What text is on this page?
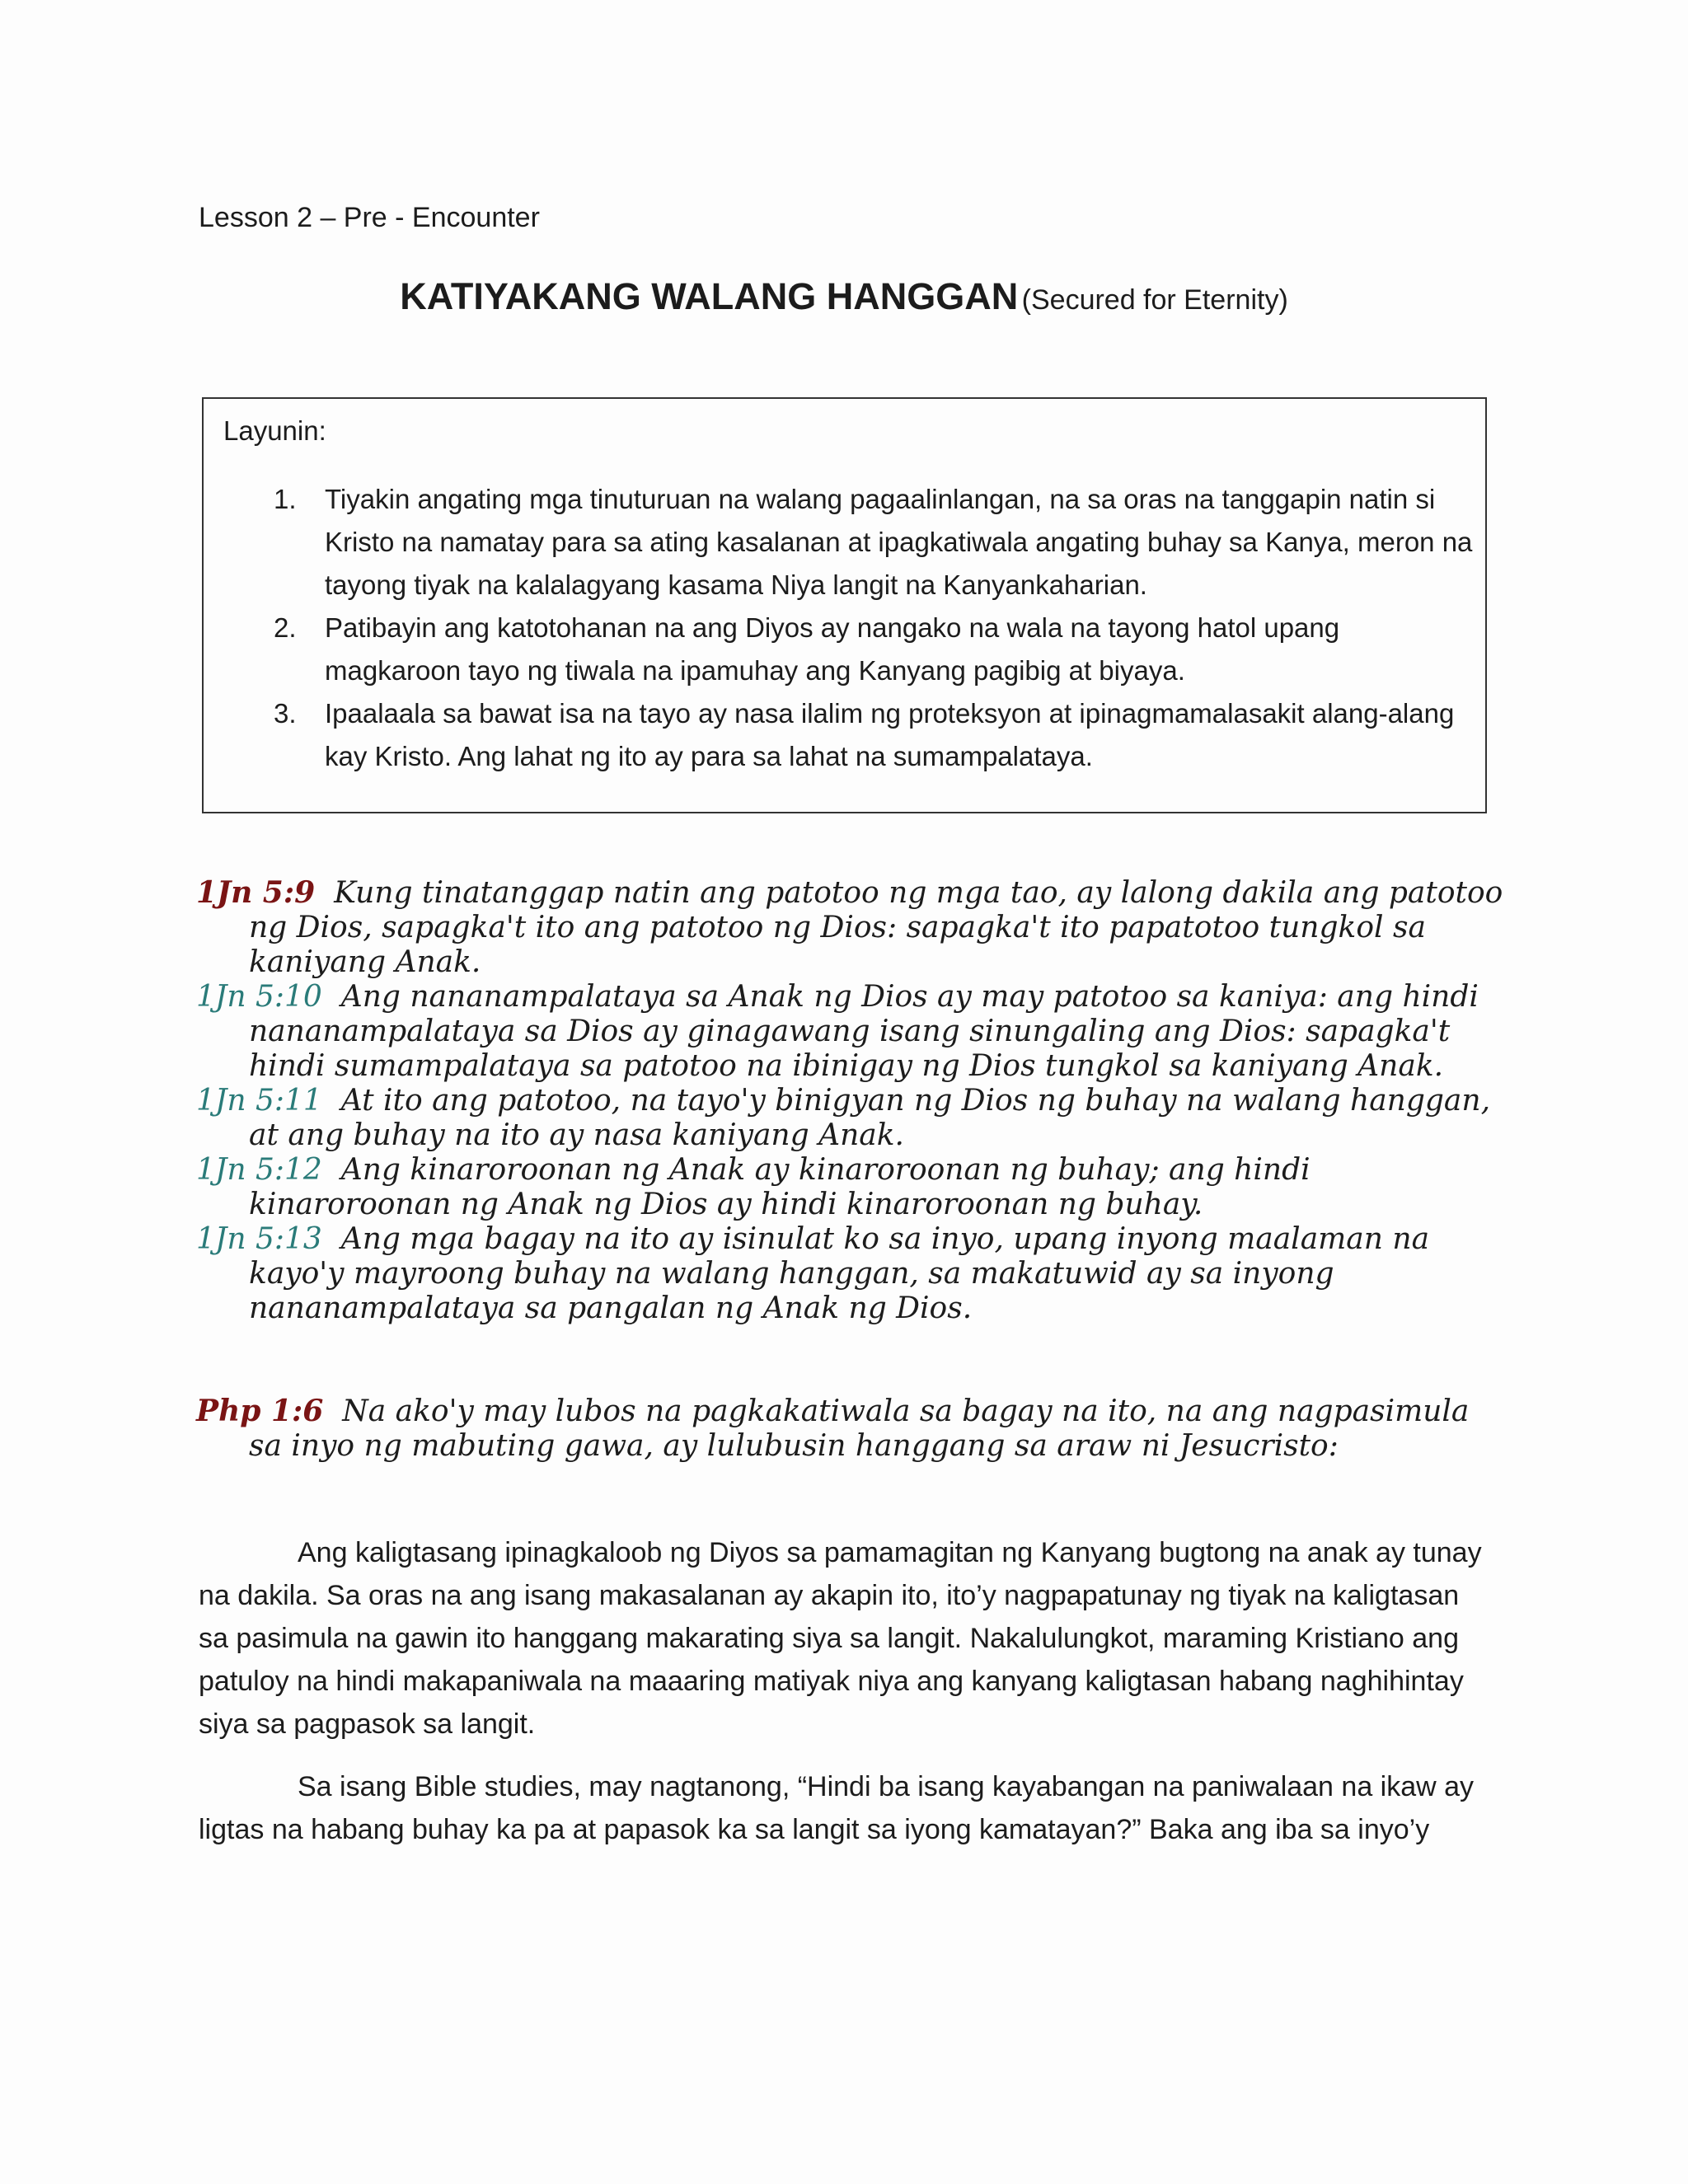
Lesson 2 – Pre - Encounter
KATIYAKANG WALANG HANGGAN (Secured for Eternity)
Layunin:
1. Tiyakin angating mga tinuturuan na walang pagaalinlangan, na sa oras na tanggapin natin si Kristo na namatay para sa ating kasalanan at ipagkatiwala angating buhay sa Kanya, meron na tayong tiyak na kalalagyang kasama Niya langit na Kanyankaharian.
2. Patibayin ang katotohanan na ang Diyos ay nangako na wala na tayong hatol upang magkaroon tayo ng tiwala na ipamuhay ang Kanyang pagibig at biyaya.
3. Ipaalaala sa bawat isa na tayo ay nasa ilalim ng proteksyon at ipinagmamalasakit alang-alang kay Kristo. Ang lahat ng ito ay para sa lahat na sumampalataya.

1Jn 5:9 Kung tinatanggap natin ang patotoo ng mga tao, ay lalong dakila ang patotoo ng Dios, sapagka't ito ang patotoo ng Dios: sapagka't ito papatotoo tungkol sa kaniyang Anak.

1Jn 5:10 Ang nananampalataya sa Anak ng Dios ay may patotoo sa kaniya: ang hindi nananampalataya sa Dios ay ginagawang isang sinungaling ang Dios: sapagka't hindi sumampalataya sa patotoo na ibinigay ng Dios tungkol sa kaniyang Anak.

1Jn 5:11 At ito ang patotoo, na tayo'y binigyan ng Dios ng buhay na walang hanggan, at ang buhay na ito ay nasa kaniyang Anak.

1Jn 5:12 Ang kinaroroonan ng Anak ay kinaroroonan ng buhay; ang hindi kinaroroonan ng Anak ng Dios ay hindi kinaroroonan ng buhay.

1Jn 5:13 Ang mga bagay na ito ay isinulat ko sa inyo, upang inyong maalaman na kayo'y mayroong buhay na walang hanggan, sa makatuwid ay sa inyong nananampalataya sa pangalan ng Anak ng Dios.

Php 1:6 Na ako'y may lubos na pagkakatiwala sa bagay na ito, na ang nagpasimula sa inyo ng mabuting gawa, ay lulubusin hanggang sa araw ni Jesucristo:

Ang kaligtasang ipinagkaloob ng Diyos sa pamamagitan ng Kanyang bugtong na anak ay tunay na dakila. Sa oras na ang isang makasalanan ay akapin ito, ito’y nagpapatunay ng tiyak na kaligtasan sa pasimula na gawin ito hanggang makarating siya sa langit. Nakalulungkot, maraming Kristiano ang patuloy na hindi makapaniwala na maaaring matiyak niya ang kanyang kaligtasan habang naghihintay siya sa pagpasok sa langit.

Sa isang Bible studies, may nagtanong, “Hindi ba isang kayabangan na paniwalaan na ikaw ay ligtas na habang buhay ka pa at papasok ka sa langit sa iyong kamatayan?” Baka ang iba sa inyo’y
